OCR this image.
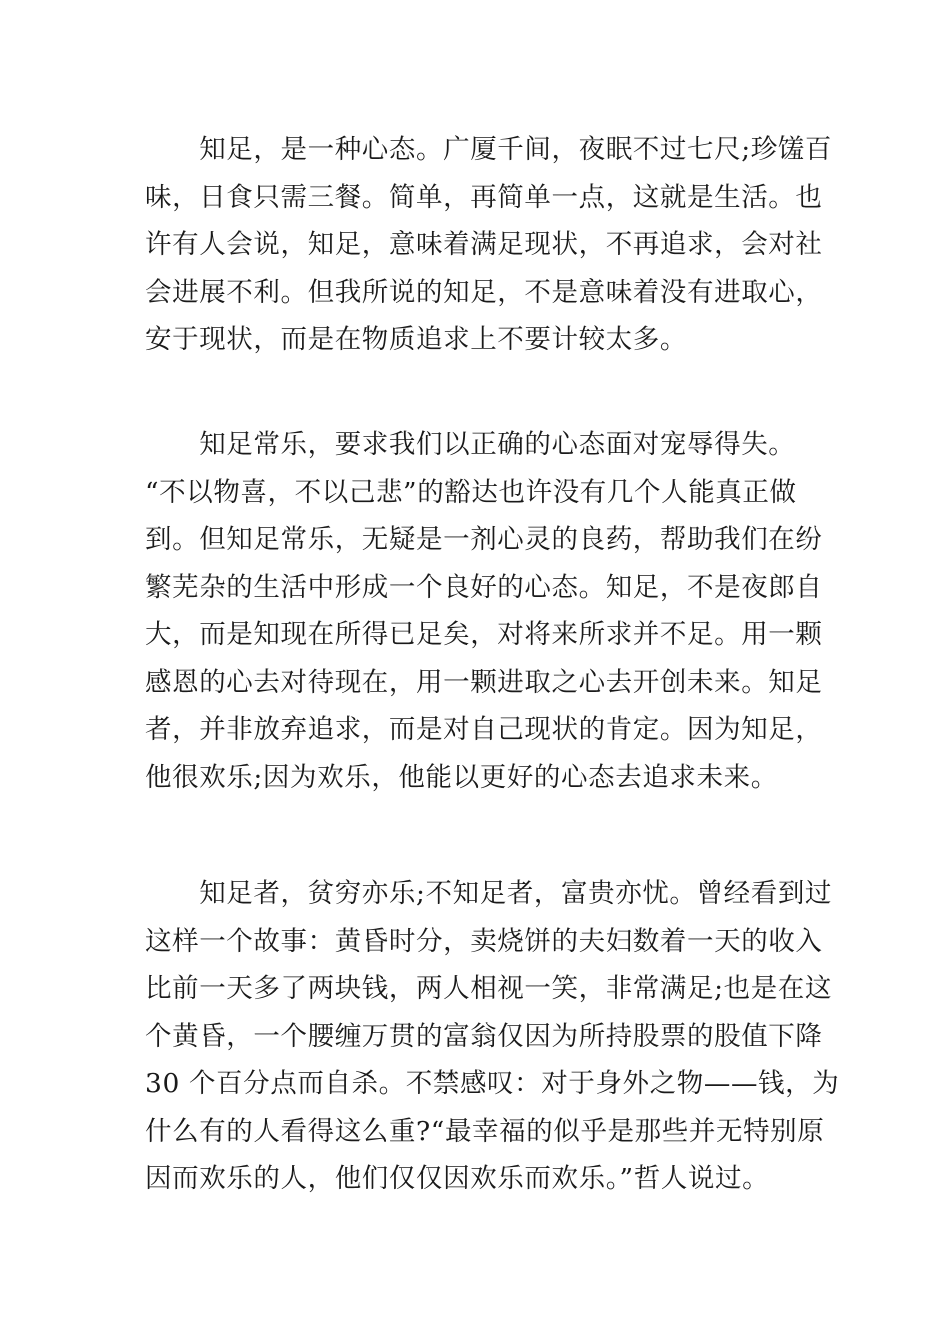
　　知足，是一种心态。广厦千间，夜眠不过七尺;珍馐百
味，日食只需三餐。简单，再简单一点，这就是生活。也
许有人会说，知足，意味着满足现状，不再追求，会对社
会进展不利。但我所说的知足，不是意味着没有进取心，
安于现状，而是在物质追求上不要计较太多。
　　知足常乐，要求我们以正确的心态面对宠辱得失。
“不以物喜，不以己悲”的豁达也许没有几个人能真正做
到。但知足常乐，无疑是一剂心灵的良药，帮助我们在纷
繁芜杂的生活中形成一个良好的心态。知足，不是夜郎自
大，而是知现在所得已足矣，对将来所求并不足。用一颗
感恩的心去对待现在，用一颗进取之心去开创未来。知足
者，并非放弃追求，而是对自己现状的肯定。因为知足，
他很欢乐;因为欢乐，他能以更好的心态去追求未来。
　　知足者，贫穷亦乐;不知足者，富贵亦忧。曾经看到过
这样一个故事：黄昏时分，卖烧饼的夫妇数着一天的收入
比前一天多了两块钱，两人相视一笑，非常满足;也是在这
个黄昏，一个腰缠万贯的富翁仅因为所持股票的股值下降
30 个百分点而自杀。不禁感叹：对于身外之物——钱，为
什么有的人看得这么重?“最幸福的似乎是那些并无特别原
因而欢乐的人，他们仅仅因欢乐而欢乐。”哲人说过。
